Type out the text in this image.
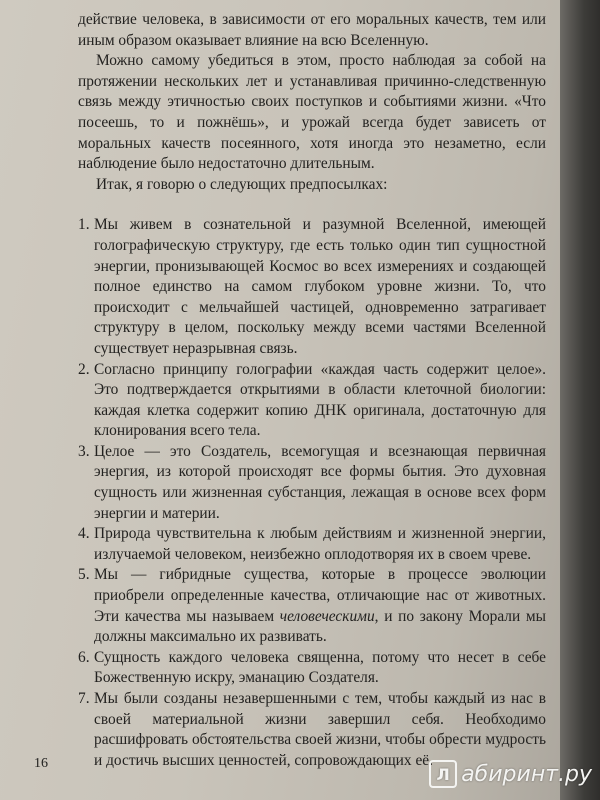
действие человека, в зависимости от его моральных качеств, тем или

иным образом оказывает влияние на всю Вселенную.

Можно самому убедиться в этом, просто наблюдая за собой на протяжении нескольких лет и устанавливая причинно-следственную связь между этичностью своих поступков и событиями жизни. «Что посеешь, то и пожнёшь», и урожай всегда будет зависеть от моральных качеств посеянного, хотя иногда это незаметно, если наблюдение было недостаточно длительным.

Итак, я говорю о следующих предпосылках:

1. Мы живем в сознательной и разумной Вселенной, имеющей голографическую структуру, где есть только один тип сущностной энергии, пронизывающей Космос во всех измерениях и создающей полное единство на самом глубоком уровне жизни. То, что происходит с мельчайшей частицей, одновременно затрагивает структуру в целом, поскольку между всеми частями Вселенной существует неразрывная связь.
2. Согласно принципу голографии «каждая часть содержит целое». Это подтверждается открытиями в области клеточной биологии: каждая клетка содержит копию ДНК оригинала, достаточную для клонирования всего тела.
3. Целое — это Создатель, всемогущая и всезнающая первичная энергия, из которой происходят все формы бытия. Это духовная сущность или жизненная субстанция, лежащая в основе всех форм энергии и материи.
4. Природа чувствительна к любым действиям и жизненной энергии, излучаемой человеком, неизбежно оплодотворяя их в своем чреве.
5. Мы — гибридные существа, которые в процессе эволюции приобрели определенные качества, отличающие нас от животных. Эти качества мы называем человеческими, и по закону Морали мы должны максимально их развивать.
6. Сущность каждого человека священна, потому что несет в себе Божественную искру, эманацию Создателя.
7. Мы были созданы незавершенными с тем, чтобы каждый из нас в своей материальной жизни завершил себя. Необходимо расшифровать обстоятельства своей жизни, чтобы обрести мудрость и достичь высших ценностей, сопровождающих её.
16
Л абиринт.ру
